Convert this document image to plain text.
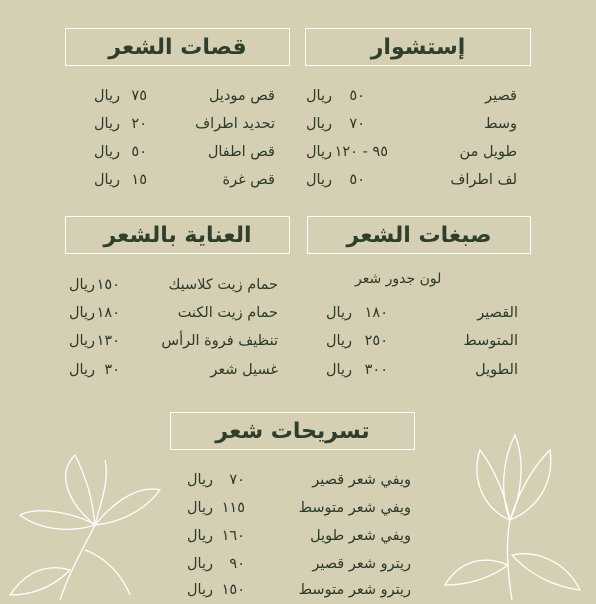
إستشوار
قصير
٥٠
ريال
وسط
٧٠
ريال
طويل من
٩٥ - ١٢٠
ريال
لف اطراف
٥٠
ريال
قصات الشعر
قص موديل
٧٥
ريال
تحديد اطراف
٢٠
ريال
قص اطفال
٥٠
ريال
قص غرة
١٥
ريال
صبغات الشعر
لون جدور شعر
القصير
١٨٠
ريال
المتوسط
٢٥٠
ريال
الطويل
٣٠٠
ريال
العناية بالشعر
حمام زيت كلاسيك
١٥٠
ريال
حمام زيت الكنت
١٨٠
ريال
تنظيف فروة الرأس
١٣٠
ريال
غسيل شعر
٣٠
ريال
تسريحات شعر
ويفي شعر قصير
٧٠
ريال
ويفي شعر متوسط
١١٥
ريال
ويفي شعر طويل
١٦٠
ريال
ريترو شعر قصير
٩٠
ريال
ريترو شعر متوسط
١٥٠
ريال
